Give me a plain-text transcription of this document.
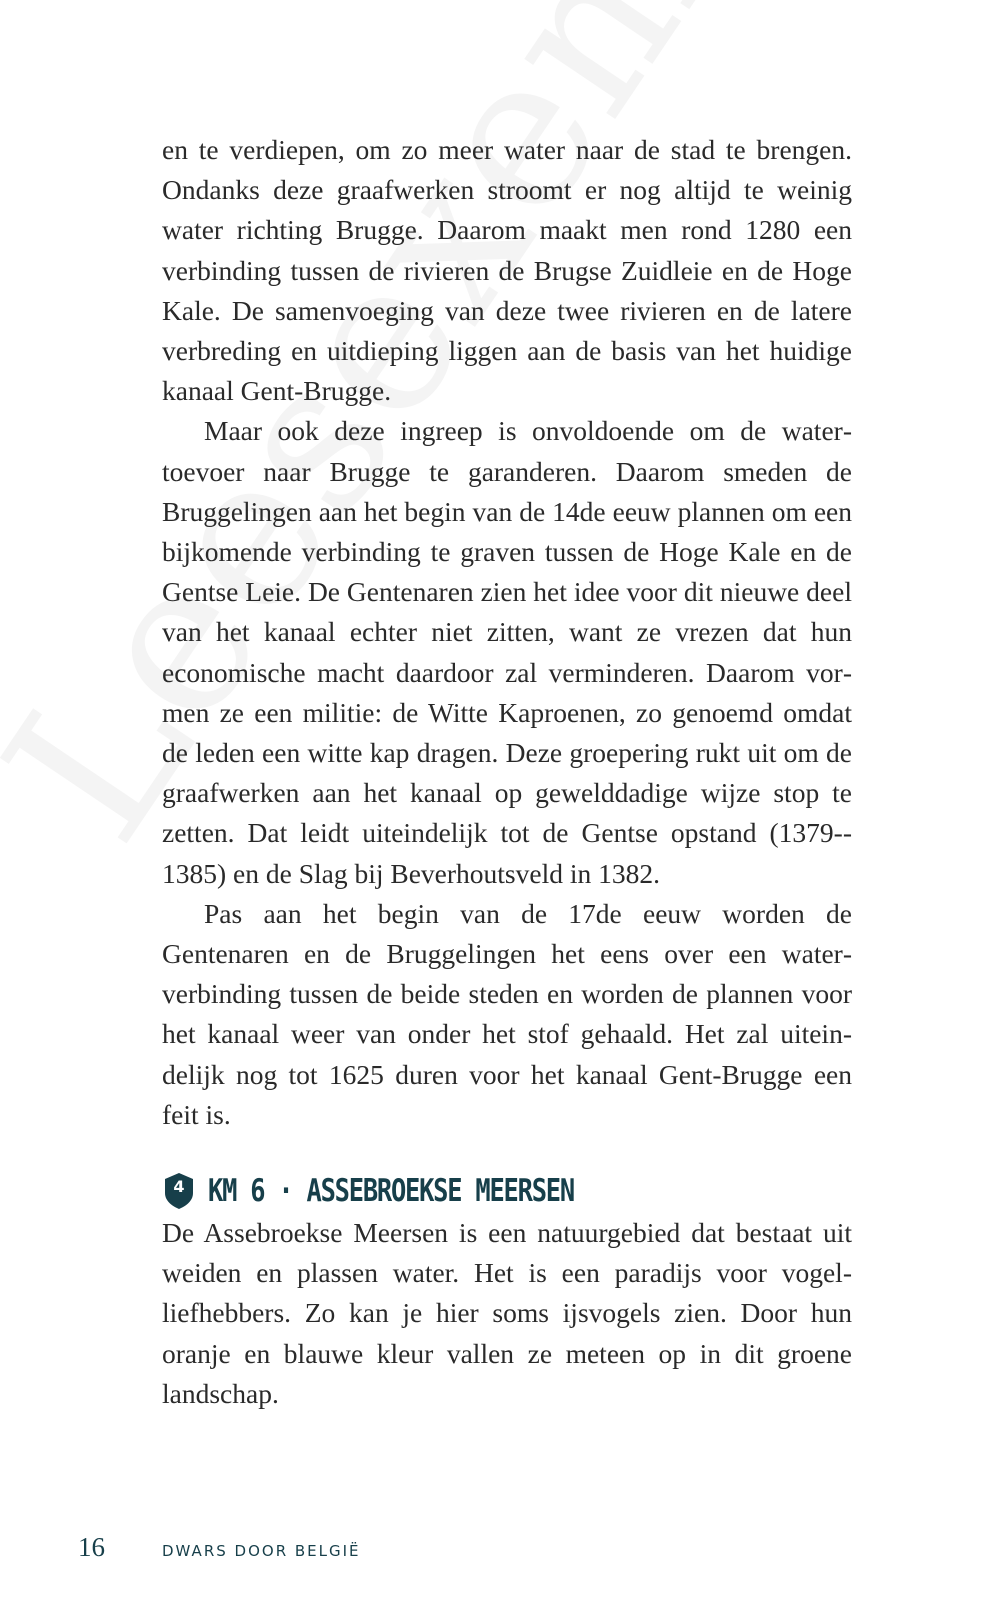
en te verdiepen, om zo meer water naar de stad te brengen. Ondanks deze graafwerken stroomt er nog altijd te weinig water richting Brugge. Daarom maakt men rond 1280 een verbinding tussen de rivieren de Brugse Zuidleie en de Hoge Kale. De samenvoeging van deze twee rivieren en de latere verbreding en uitdieping liggen aan de basis van het huidige kanaal Gent-Brugge.

Maar ook deze ingreep is onvoldoende om de watertoevoer naar Brugge te garanderen. Daarom smeden de Bruggelingen aan het begin van de 14de eeuw plannen om een bijkomende verbinding te graven tussen de Hoge Kale en de Gentse Leie. De Gentenaren zien het idee voor dit nieuwe deel van het kanaal echter niet zitten, want ze vrezen dat hun economische macht daardoor zal verminderen. Daarom vormen ze een militie: de Witte Kaproenen, zo genoemd omdat de leden een witte kap dragen. Deze groepering rukt uit om de graafwerken aan het kanaal op gewelddadige wijze stop te zetten. Dat leidt uiteindelijk tot de Gentse opstand (1379-1385) en de Slag bij Beverhoutsveld in 1382.

Pas aan het begin van de 17de eeuw worden de Gentenaren en de Bruggelingen het eens over een waterverbinding tussen de beide steden en worden de plannen voor het kanaal weer van onder het stof gehaald. Het zal uiteindelijk nog tot 1625 duren voor het kanaal Gent-Brugge een feit is.

4 KM 6 · ASSEBROEKSE MEERSEN

De Assebroekse Meersen is een natuurgebied dat bestaat uit weiden en plassen water. Het is een paradijs voor vogelliefhebbers. Zo kan je hier soms ijsvogels zien. Door hun oranje en blauwe kleur vallen ze meteen op in dit groene landschap.

16	DWARS DOOR BELGIË
